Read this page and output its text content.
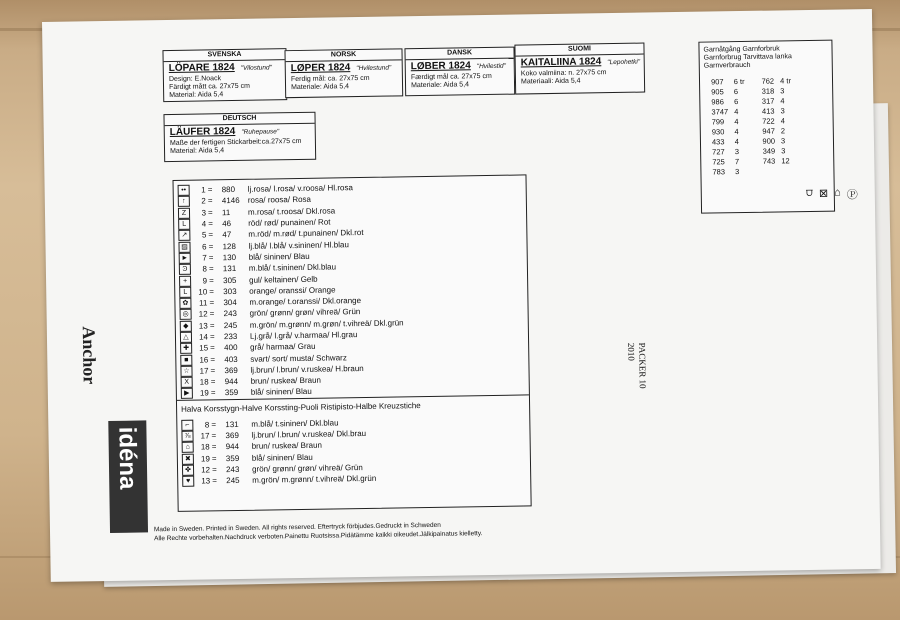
SVENSKA
LÖPARE 1824 "Vilostund"
Design: E.Noack
Färdigt mått ca. 27x75 cm
Material: Aida 5,4
NORSK
LØPER 1824 "Hvilestund"
Ferdig mål: ca. 27x75 cm
Materiale: Aida 5,4
DANSK
LØBER 1824 "Hvilestid"
Færdigt mål ca. 27x75 cm
Materiale: Aida 5,4
SUOMI
KAITALIINA 1824 "Lepohetki"
Koko valmiina: n. 27x75 cm
Materiaali: Aida 5,4
DEUTSCH
LÄUFER 1824 "Ruhepause"
Maße der fertigen Stickarbeit:ca.27x75 cm
Material: Aida 5,4
Garnåtgång Garnforbruk
Garnforbrug Tarvittava lanka
Garnverbrauch
907	6 tr	762	4 tr
905	6	318	3
986	6	317	4
3747	4	413	3
799	4	722	4
930	4	947	2
433	4	900	3
727	3	349	3
725	7	743	12
783	3		
⩌ ⊠ ⌂ Ⓟ
••	1 =	880	lj.rosa/ l.rosa/ v.roosa/ Hl.rosa
↑	2 =	4146	rosa/ roosa/ Rosa
Z	3 =	11	m.rosa/ t.roosa/ Dkl.rosa
L	4 =	46	röd/ rød/ punainen/ Rot
↗	5 =	47	m.röd/ m.rød/ t.punainen/ Dkl.rot
▨	6 =	128	lj.blå/ l.blå/ v.sininen/ Hl.blau
►	7 =	130	blå/ sininen/ Blau
Ͽ	8 =	131	m.blå/ t.sininen/ Dkl.blau
+	9 =	305	gul/ keltainen/ Gelb
L	10 =	303	orange/ oranssi/ Orange
✿	11 =	304	m.orange/ t.oranssi/ Dkl.orange
◎	12 =	243	grön/ grønn/ grøn/ vihreä/ Grün
◆	13 =	245	m.grön/ m.grønn/ m.grøn/ t.vihreä/ Dkl.grün
△	14 =	233	Lj.grå/ l.grå/ v.harmaa/ Hl.grau
✚	15 =	400	grå/ harmaa/ Grau
■	16 =	403	svart/ sort/ musta/ Schwarz
☆	17 =	369	lj.brun/ l.brun/ v.ruskea/ H.braun
X	18 =	944	brun/ ruskea/ Braun
▶	19 =	359	blå/ sininen/ Blau
Halva Korsstygn-Halve Korssting-Puoli Ristipisto-Halbe Kreuzstiche
⌐	8 =	131	m.blå/ t.sininen/ Dkl.blau
⅞	17 =	369	lj.brun/ l.brun/ v.ruskea/ Dkl.brau
⌂	18 =	944	brun/ ruskea/ Braun
✖	19 =	359	blå/ sininen/ Blau
✤	12 =	243	grön/ grønn/ grøn/ vihreä/ Grün
♥	13 =	245	m.grön/ m.grønn/ t.vihreä/ Dkl.grün
Anchor
idéna
Made in Sweden. Printed in Sweden. All rights reserved. Eftertryck förbjudes.Gedruckt in Schweden
Alle Rechte vorbehalten.Nachdruck verboten.Painettu Ruotsissa.Pidätämme kaikki oikeudet.Jälkipainatus kielletty.
PACKER 10
2010
